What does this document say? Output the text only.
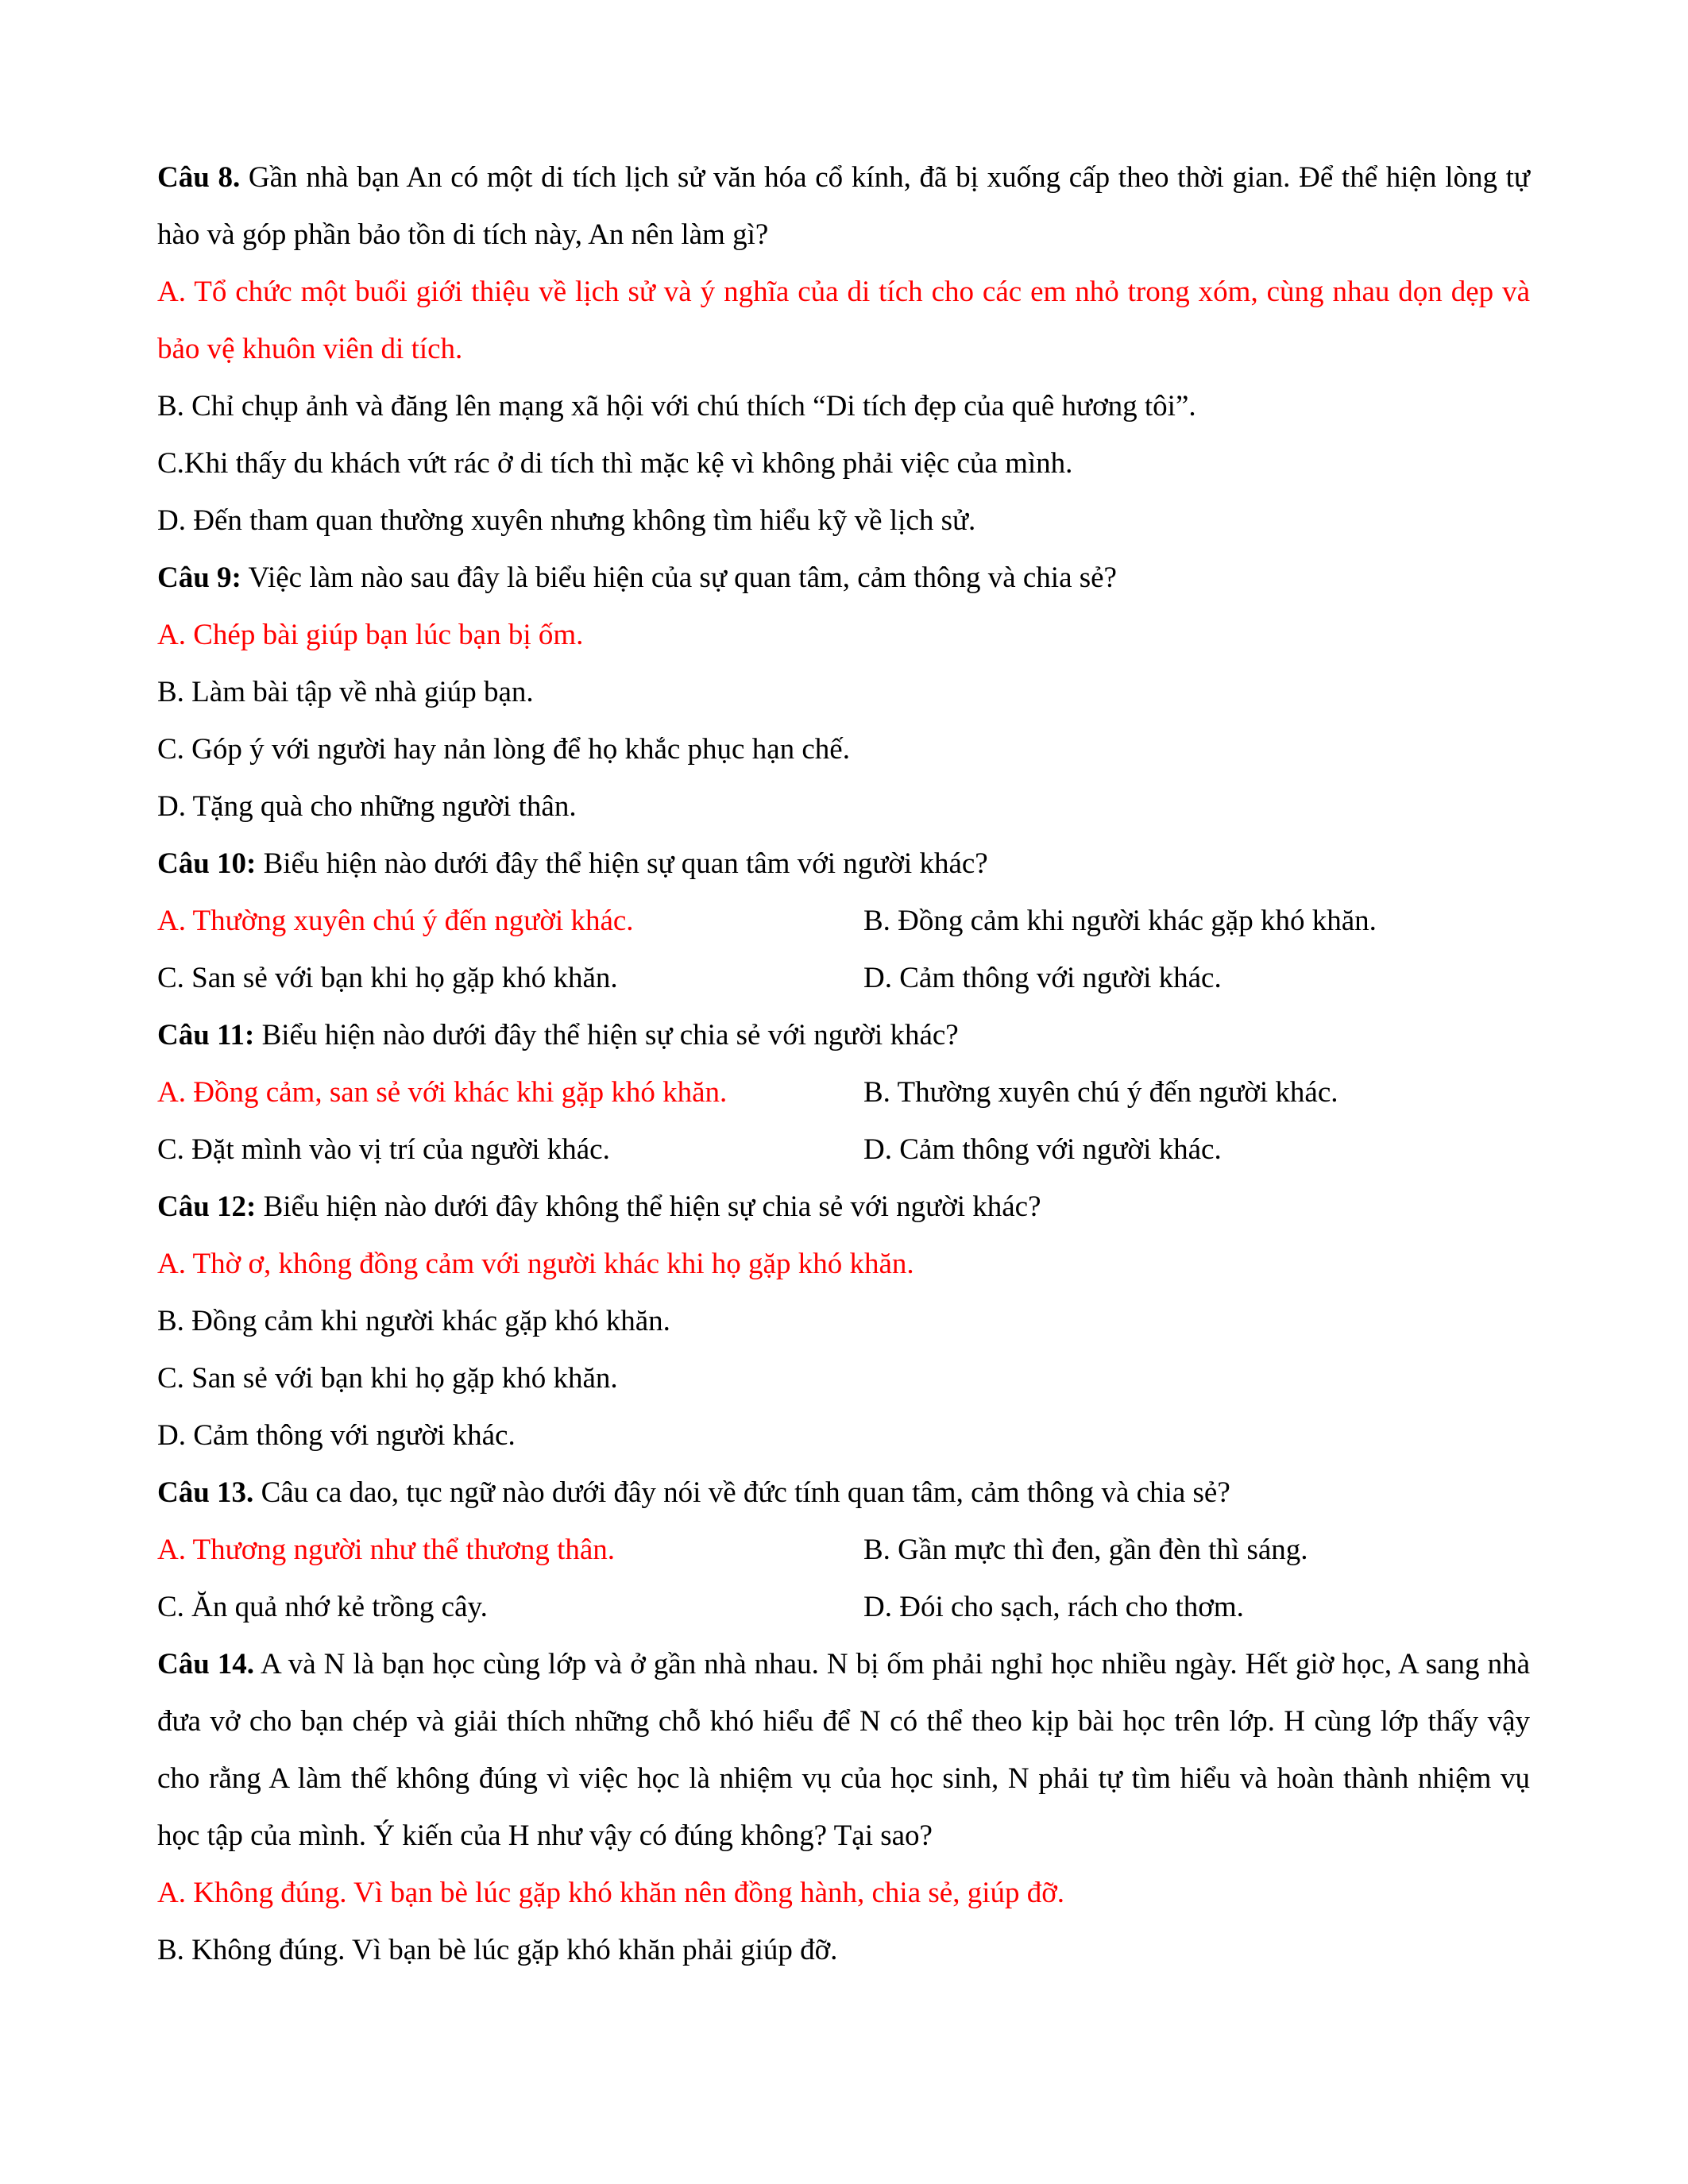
Câu 8. Gần nhà bạn An có một di tích lịch sử văn hóa cổ kính, đã bị xuống cấp theo thời gian. Để thể hiện lòng tự hào và góp phần bảo tồn di tích này, An nên làm gì?
A. Tổ chức một buổi giới thiệu về lịch sử và ý nghĩa của di tích cho các em nhỏ trong xóm, cùng nhau dọn dẹp và bảo vệ khuôn viên di tích.
B. Chỉ chụp ảnh và đăng lên mạng xã hội với chú thích “Di tích đẹp của quê hương tôi”.
C.Khi thấy du khách vứt rác ở di tích thì mặc kệ vì không phải việc của mình.
D. Đến tham quan thường xuyên nhưng không tìm hiểu kỹ về lịch sử.
Câu 9: Việc làm nào sau đây là biểu hiện của sự quan tâm, cảm thông và chia sẻ?
A. Chép bài giúp bạn lúc bạn bị ốm.
B. Làm bài tập về nhà giúp bạn.
C. Góp ý với người hay nản lòng để họ khắc phục hạn chế.
D. Tặng quà cho những người thân.
Câu 10: Biểu hiện nào dưới đây thể hiện sự quan tâm với người khác?
A. Thường xuyên chú ý đến người khác.	B. Đồng cảm khi người khác gặp khó khăn.
C. San sẻ với bạn khi họ gặp khó khăn.	D. Cảm thông với người khác.
Câu 11: Biểu hiện nào dưới đây thể hiện sự chia sẻ với người khác?
A. Đồng cảm, san sẻ với khác khi gặp khó khăn.	B. Thường xuyên chú ý đến người khác.
C. Đặt mình vào vị trí của người khác.	D. Cảm thông với người khác.
Câu 12: Biểu hiện nào dưới đây không thể hiện sự chia sẻ với người khác?
A. Thờ ơ, không đồng cảm với người khác khi họ gặp khó khăn.
B. Đồng cảm khi người khác gặp khó khăn.
C. San sẻ với bạn khi họ gặp khó khăn.
D. Cảm thông với người khác.
Câu 13. Câu ca dao, tục ngữ nào dưới đây nói về đức tính quan tâm, cảm thông và chia sẻ?
A. Thương người như thể thương thân.	B. Gần mực thì đen, gần đèn thì sáng.
C. Ăn quả nhớ kẻ trồng cây.	D. Đói cho sạch, rách cho thơm.
Câu 14. A và N là bạn học cùng lớp và ở gần nhà nhau. N bị ốm phải nghỉ học nhiều ngày. Hết giờ học, A sang nhà đưa vở cho bạn chép và giải thích những chỗ khó hiểu để N có thể theo kịp bài học trên lớp. H cùng lớp thấy vậy cho rằng A làm thế không đúng vì việc học là nhiệm vụ của học sinh, N phải tự tìm hiểu và hoàn thành nhiệm vụ học tập của mình. Ý kiến của H như vậy có đúng không? Tại sao?
A. Không đúng. Vì bạn bè lúc gặp khó khăn nên đồng hành, chia sẻ, giúp đỡ.
B. Không đúng. Vì bạn bè lúc gặp khó khăn phải giúp đỡ.
